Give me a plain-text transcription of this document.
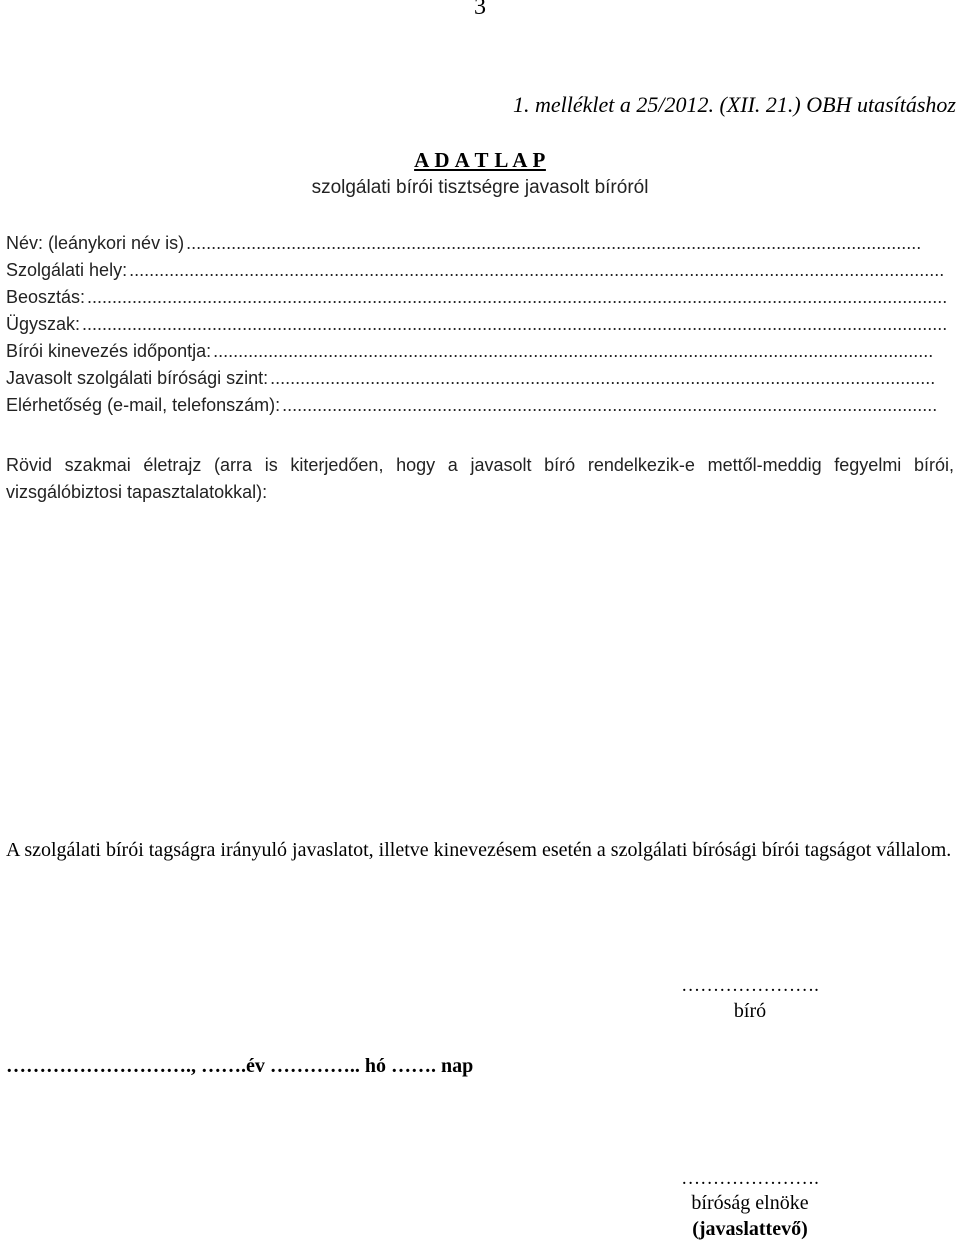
3
1. melléklet a 25/2012. (XII. 21.) OBH utasításhoz
A D A T L A P
szolgálati bírói tisztségre javasolt bíróról
Név: (leánykori név is) ...................................................................................................................................................
Szolgálati hely: ...................................................................................................................................................................
Beosztás: ............................................................................................................................................................................
Ügyszak: .............................................................................................................................................................................
Bírói kinevezés időpontja: ................................................................................................................................................
Javasolt szolgálati bírósági szint: .....................................................................................................................................
Elérhetőség (e-mail, telefonszám): ...................................................................................................................................
Rövid szakmai életrajz (arra is kiterjedően, hogy a javasolt bíró rendelkezik-e mettől-meddig fegyelmi bírói, vizsgálóbiztosi tapasztalatokkal):
A szolgálati bírói tagságra irányuló javaslatot, illetve kinevezésem esetén a szolgálati bírósági bírói tagságot vállalom.
………………….
bíró
………………………., …….év ………….. hó ……. nap
………………….
bíróság elnöke
(javaslattevő)
